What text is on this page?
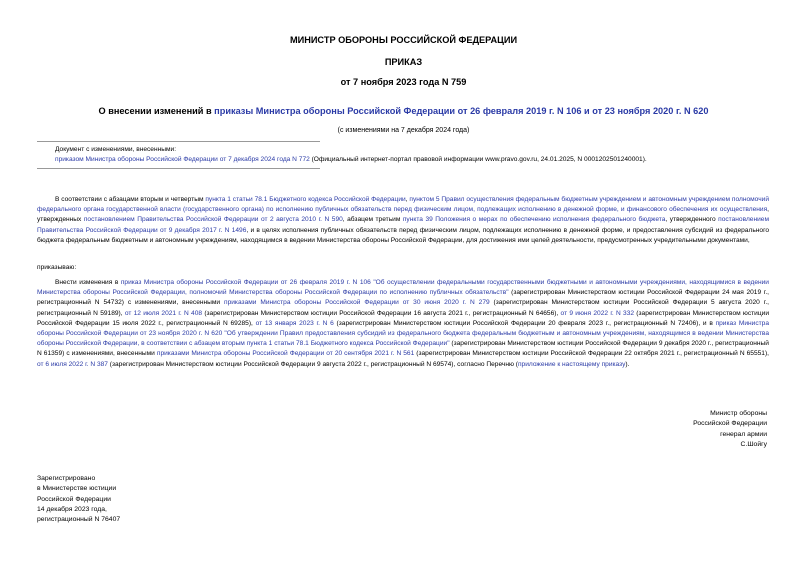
МИНИСТР ОБОРОНЫ РОССИЙСКОЙ ФЕДЕРАЦИИ
ПРИКАЗ
от 7 ноября 2023 года N 759
О внесении изменений в приказы Министра обороны Российской Федерации от 26 февраля 2019 г. N 106 и от 23 ноября 2020 г. N 620
(с изменениями на 7 декабря 2024 года)
Документ с изменениями, внесенными:
приказом Министра обороны Российской Федерации от 7 декабря 2024 года N 772 (Официальный интернет-портал правовой информации www.pravo.gov.ru, 24.01.2025, N 0001202501240001).
В соответствии с абзацами вторым и четвертым пункта 1 статьи 78.1 Бюджетного кодекса Российской Федерации, пунктом 5 Правил осуществления федеральным бюджетным учреждением и автономным учреждением полномочий федерального органа государственной власти (государственного органа) по исполнению публичных обязательств перед физическим лицом, подлежащих исполнению в денежной форме, и финансового обеспечения их осуществления, утвержденных постановлением Правительства Российской Федерации от 2 августа 2010 г. N 590, абзацем третьим пункта 39 Положения о мерах по обеспечению исполнения федерального бюджета, утвержденного постановлением Правительства Российской Федерации от 9 декабря 2017 г. N 1496, и в целях исполнения публичных обязательств перед физическим лицом, подлежащих исполнению в денежной форме, и предоставления субсидий из федерального бюджета федеральным бюджетным и автономным учреждениям, находящимся в ведении Министерства обороны Российской Федерации, для достижения ими целей деятельности, предусмотренных учредительными документами,
приказываю:
Внести изменения в приказ Министра обороны Российской Федерации от 26 февраля 2019 г. N 106 "Об осуществлении федеральными государственными бюджетными и автономными учреждениями, находящимися в ведении Министерства обороны Российской Федерации, полномочий Министерства обороны Российской Федерации по исполнению публичных обязательств" (зарегистрирован Министерством юстиции Российской Федерации 24 мая 2019 г., регистрационный N 54732) с изменениями, внесенными приказами Министра обороны Российской Федерации от 30 июня 2020 г. N 279 (зарегистрирован Министерством юстиции Российской Федерации 5 августа 2020 г., регистрационный N 59189), от 12 июля 2021 г. N 408 (зарегистрирован Министерством юстиции Российской Федерации 16 августа 2021 г., регистрационный N 64656), от 9 июня 2022 г. N 332 (зарегистрирован Министерством юстиции Российской Федерации 15 июля 2022 г., регистрационный N 69285), от 13 января 2023 г. N 6 (зарегистрирован Министерством юстиции Российской Федерации 20 февраля 2023 г., регистрационный N 72406), и в приказ Министра обороны Российской Федерации от 23 ноября 2020 г. N 620 "Об утверждении Правил предоставления субсидий из федерального бюджета федеральным бюджетным и автономным учреждениям, находящимся в ведении Министерства обороны Российской Федерации, в соответствии с абзацем вторым пункта 1 статьи 78.1 Бюджетного кодекса Российской Федерации" (зарегистрирован Министерством юстиции Российской Федерации 9 декабря 2020 г., регистрационный N 61359) с изменениями, внесенными приказами Министра обороны Российской Федерации от 20 сентября 2021 г. N 561 (зарегистрирован Министерством юстиции Российской Федерации 22 октября 2021 г., регистрационный N 65551), от 6 июля 2022 г. N 387 (зарегистрирован Министерством юстиции Российской Федерации 9 августа 2022 г., регистрационный N 69574), согласно Перечню (приложение к настоящему приказу).
Министр обороны
Российской Федерации
генерал армии
С.Шойгу
Зарегистрировано
в Министерстве юстиции
Российской Федерации
14 декабря 2023 года,
регистрационный N 76407
